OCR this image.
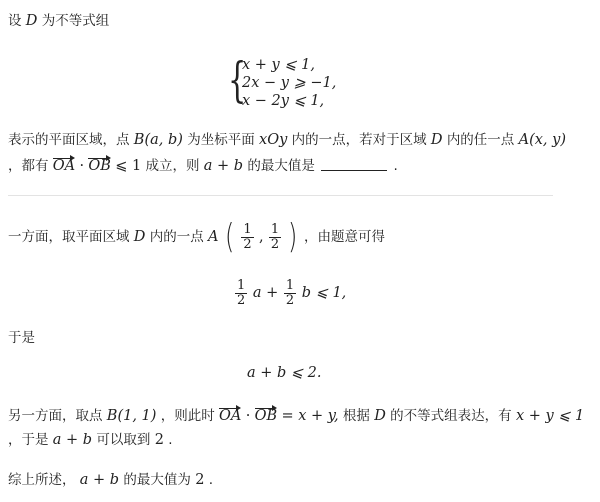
设 D 为不等式组
{
x + y ⩽ 1,
2x − y ⩾ −1,
x − 2y ⩽ 1,
表示的平面区域，点 B(a, b) 为坐标平面 xOy 内的一点，若对于区域 D 内的任一点 A(x, y)
，都有 OA · OB ⩽ 1 成立，则 a + b 的最大值是	.
一方面，取平面区域 D 内的一点 A ( $\frac{1}{2}$ , $\frac{1}{2}$ ) ，由题意可得
$\frac{1}{2}$ $a + \frac{1}{2}$ b ⩽ 1,
于是
a + b ⩽ 2.
另一方面，取点 B(1, 1) ，则此时 OA · OB = x + y, 根据 D 的不等式组表达，有 x + y ⩽ 1
，于是 a + b 可以取到 2 .
综上所述， a + b 的最大值为 2 .
